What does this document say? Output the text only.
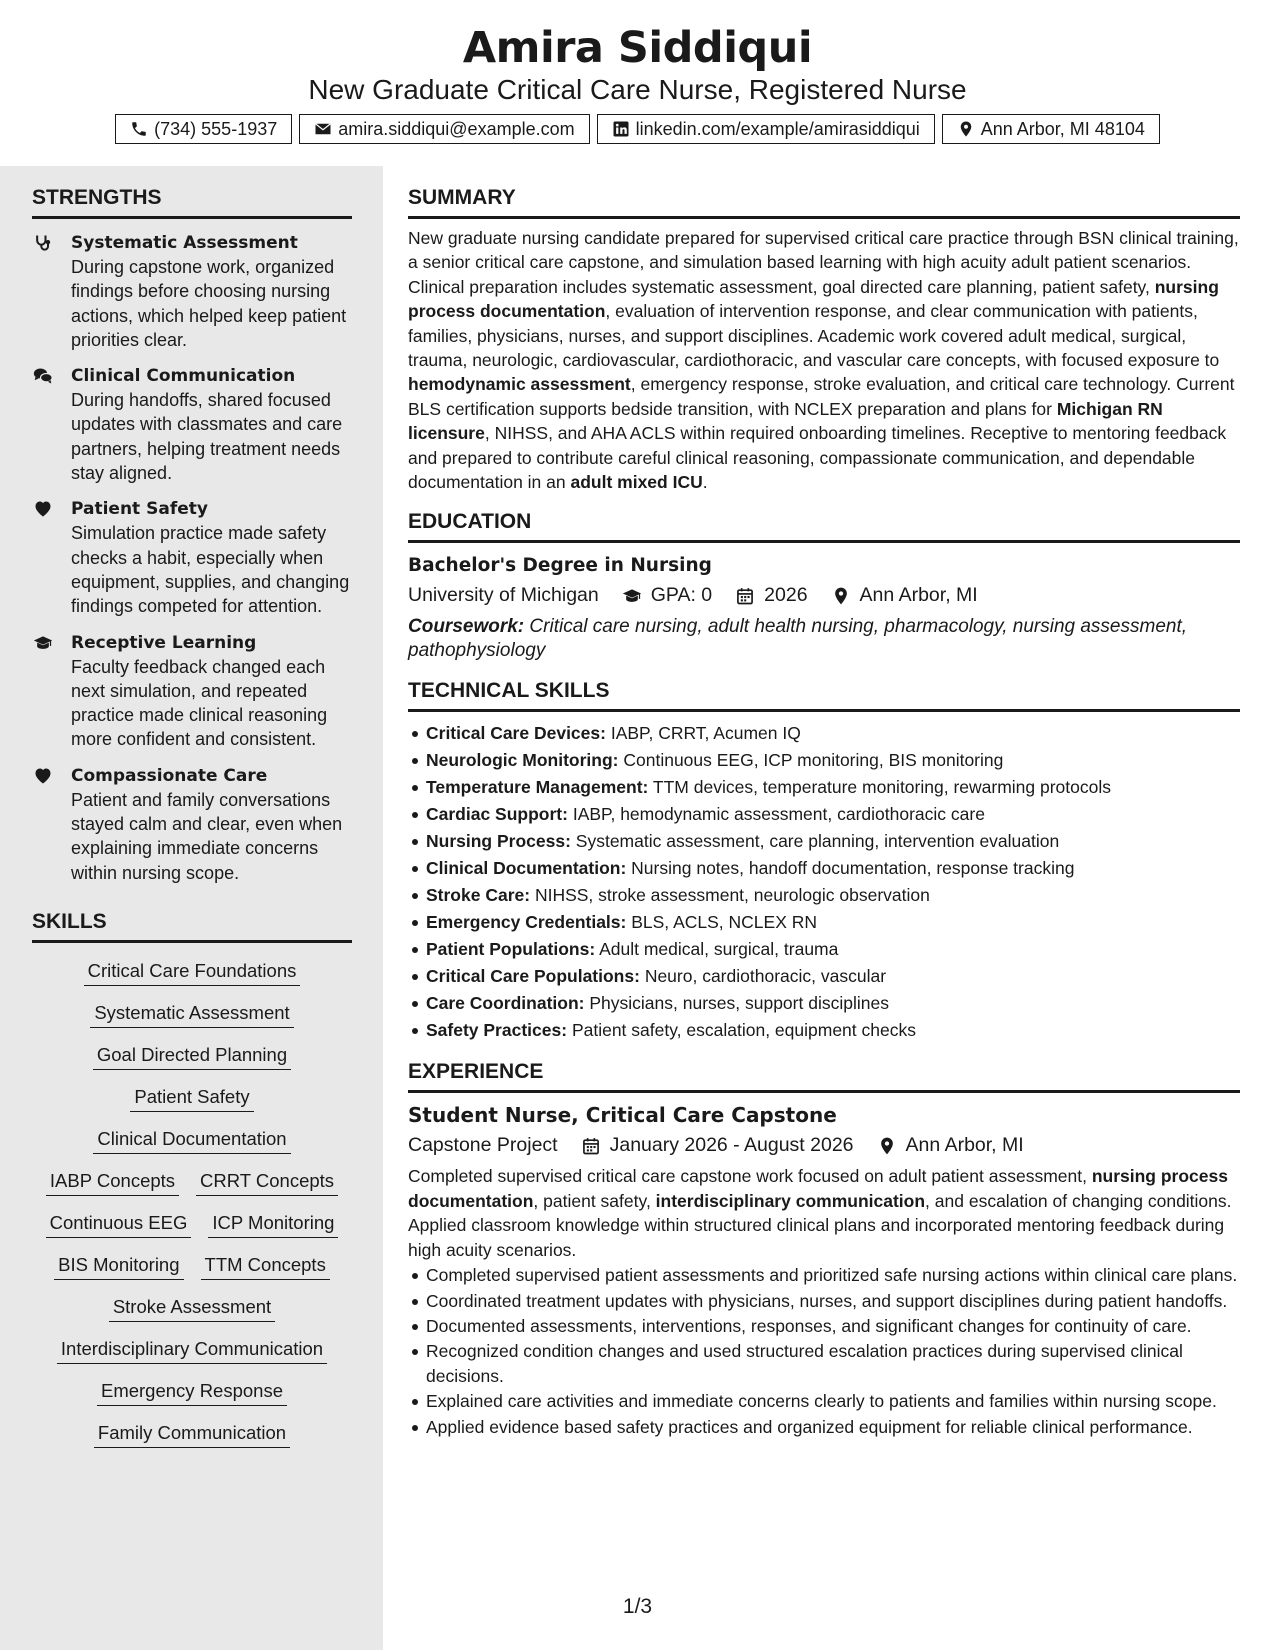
Amira Siddiqui
New Graduate Critical Care Nurse, Registered Nurse
(734) 555-1937	amira.siddiqui@example.com	linkedin.com/example/amirasiddiqui	Ann Arbor, MI 48104
STRENGTHS
Systematic Assessment
During capstone work, organized findings before choosing nursing actions, which helped keep patient priorities clear.
Clinical Communication
During handoffs, shared focused updates with classmates and care partners, helping treatment needs stay aligned.
Patient Safety
Simulation practice made safety checks a habit, especially when equipment, supplies, and changing findings competed for attention.
Receptive Learning
Faculty feedback changed each next simulation, and repeated practice made clinical reasoning more confident and consistent.
Compassionate Care
Patient and family conversations stayed calm and clear, even when explaining immediate concerns within nursing scope.
SKILLS
Critical Care Foundations
Systematic Assessment
Goal Directed Planning
Patient Safety
Clinical Documentation
IABP Concepts CRRT Concepts
Continuous EEG ICP Monitoring
BIS Monitoring TTM Concepts
Stroke Assessment
Interdisciplinary Communication
Emergency Response
Family Communication
SUMMARY

New graduate nursing candidate prepared for supervised critical care practice through BSN clinical training, a senior critical care capstone, and simulation based learning with high acuity adult patient scenarios. Clinical preparation includes systematic assessment, goal directed care planning, patient safety, nursing process documentation, evaluation of intervention response, and clear communication with patients, families, physicians, nurses, and support disciplines. Academic work covered adult medical, surgical, trauma, neurologic, cardiovascular, cardiothoracic, and vascular care concepts, with focused exposure to hemodynamic assessment, emergency response, stroke evaluation, and critical care technology. Current BLS certification supports bedside transition, with NCLEX preparation and plans for Michigan RN licensure, NIHSS, and AHA ACLS within required onboarding timelines. Receptive to mentoring feedback and prepared to contribute careful clinical reasoning, compassionate communication, and dependable documentation in an adult mixed ICU.

EDUCATION
Bachelor's Degree in Nursing
University of Michigan	GPA: 0	2026	Ann Arbor, MI

Coursework: Critical care nursing, adult health nursing, pharmacology, nursing assessment, pathophysiology

TECHNICAL SKILLS
Critical Care Devices: IABP, CRRT, Acumen IQ
Neurologic Monitoring: Continuous EEG, ICP monitoring, BIS monitoring
Temperature Management: TTM devices, temperature monitoring, rewarming protocols
Cardiac Support: IABP, hemodynamic assessment, cardiothoracic care
Nursing Process: Systematic assessment, care planning, intervention evaluation
Clinical Documentation: Nursing notes, handoff documentation, response tracking
Stroke Care: NIHSS, stroke assessment, neurologic observation
Emergency Credentials: BLS, ACLS, NCLEX RN
Patient Populations: Adult medical, surgical, trauma
Critical Care Populations: Neuro, cardiothoracic, vascular
Care Coordination: Physicians, nurses, support disciplines
Safety Practices: Patient safety, escalation, equipment checks
EXPERIENCE
Student Nurse, Critical Care Capstone
Capstone Project	January 2026 - August 2026	Ann Arbor, MI

Completed supervised critical care capstone work focused on adult patient assessment, nursing process documentation, patient safety, interdisciplinary communication, and escalation of changing conditions. Applied classroom knowledge within structured clinical plans and incorporated mentoring feedback during high acuity scenarios.

Completed supervised patient assessments and prioritized safe nursing actions within clinical care plans.
Coordinated treatment updates with physicians, nurses, and support disciplines during patient handoffs.
Documented assessments, interventions, responses, and significant changes for continuity of care.
Recognized condition changes and used structured escalation practices during supervised clinical decisions.
Explained care activities and immediate concerns clearly to patients and families within nursing scope.
Applied evidence based safety practices and organized equipment for reliable clinical performance.
1/3
